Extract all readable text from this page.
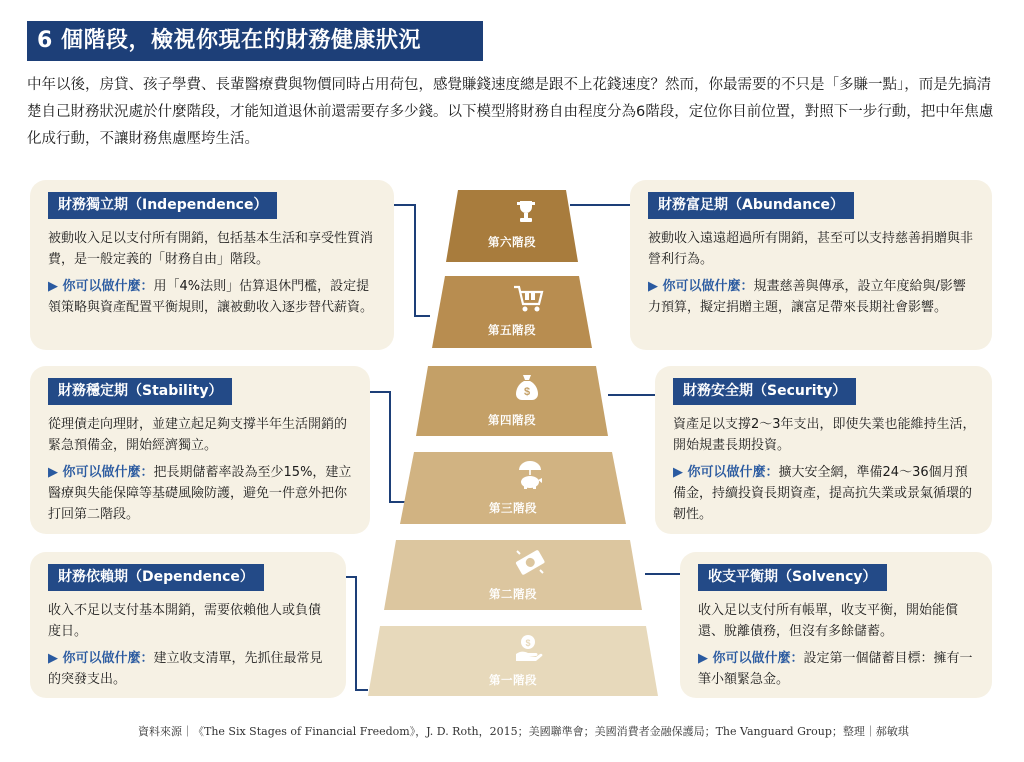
6 個階段，檢視你現在的財務健康狀況

中年以後，房貸、孩子學費、長輩醫療費與物價同時占用荷包，感覺賺錢速度總是跟不上花錢速度？然而，你最需要的不只是「多賺一點」，而是先搞清楚自己財務狀況處於什麼階段，才能知道退休前還需要存多少錢。以下模型將財務自由程度分為6階段，定位你目前位置，對照下一步行動，把中年焦慮化成行動，不讓財務焦慮壓垮生活。

財務獨立期（Independence）

被動收入足以支付所有開銷，包括基本生活和享受性質消費，是一般定義的「財務自由」階段。

▶ 你可以做什麼：用「4%法則」估算退休門檻，設定提領策略與資產配置平衡規則，讓被動收入逐步替代薪資。

財務富足期（Abundance）

被動收入遠遠超過所有開銷，甚至可以支持慈善捐贈與非營利行為。

▶ 你可以做什麼：規畫慈善與傳承，設立年度給與/影響力預算，擬定捐贈主題，讓富足帶來長期社會影響。

財務穩定期（Stability）

從理債走向理財，並建立起足夠支撐半年生活開銷的緊急預備金，開始經濟獨立。

▶ 你可以做什麼：把長期儲蓄率設為至少15%，建立醫療與失能保障等基礎風險防護，避免一件意外把你打回第二階段。

財務安全期（Security）

資產足以支撐2～3年支出，即使失業也能維持生活，開始規畫長期投資。

▶ 你可以做什麼：擴大安全網，準備24～36個月預備金，持續投資長期資產，提高抗失業或景氣循環的韌性。

財務依賴期（Dependence）

收入不足以支付基本開銷，需要依賴他人或負債度日。

▶ 你可以做什麼：建立收支清單，先抓住最常見的突發支出。

收支平衡期（Solvency）

收入足以支付所有帳單，收支平衡，開始能償還、脫離債務，但沒有多餘儲蓄。

▶ 你可以做什麼：設定第一個儲蓄目標：擁有一筆小額緊急金。

第六階段
第五階段
$
第四階段
第三階段
第二階段
$
第一階段
資料來源｜《The Six Stages of Financial Freedom》，J. D. Roth，2015；美國聯準會；美國消費者金融保護局；The Vanguard Group；整理｜郝敏琪
